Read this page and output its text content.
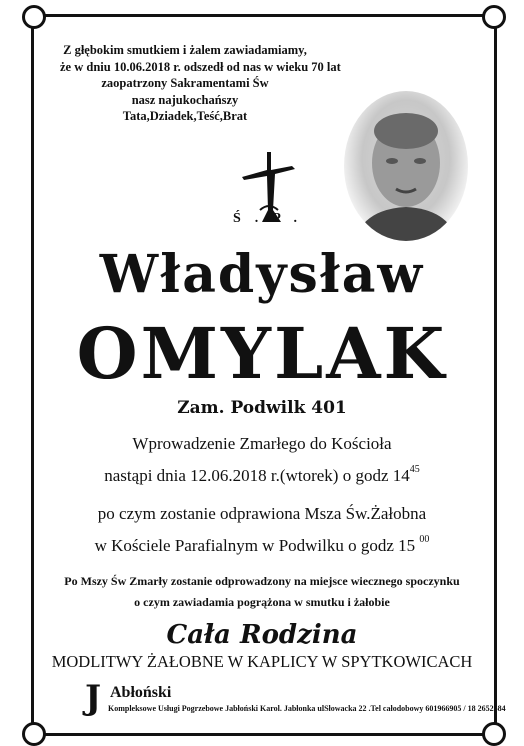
Z głębokim smutkiem i żalem zawiadamiamy,
że w dniu 10.06.2018 r. odszedł od nas w wieku 70 lat
zaopatrzony Sakramentami Św
nasz najukochańszy
Tata,Dziadek,Teść,Brat
Ś.P.
Władysław
OMYLAK
Zam. Podwilk 401
Wprowadzenie Zmarłego do Kościoła
nastąpi dnia 12.06.2018 r.(wtorek) o godz $14^{45}$
po czym zostanie odprawiona Msza Św.Żałobna
w Kościele Parafialnym w Podwilku o godz 15 $^{00}$
Po Mszy Św Zmarły zostanie odprowadzony na miejsce wiecznego spoczynku
o czym zawiadamia pogrążona w smutku i żałobie
Cała Rodzina
MODLITWY ŻAŁOBNE W KAPLICY W SPYTKOWICACH
J Abłoński
Kompleksowe Usługi Pogrzebowe Jabłoński Karol. Jabłonka ulSłowacka 22 .Tel całodobowy 601966905 / 18 2652584
